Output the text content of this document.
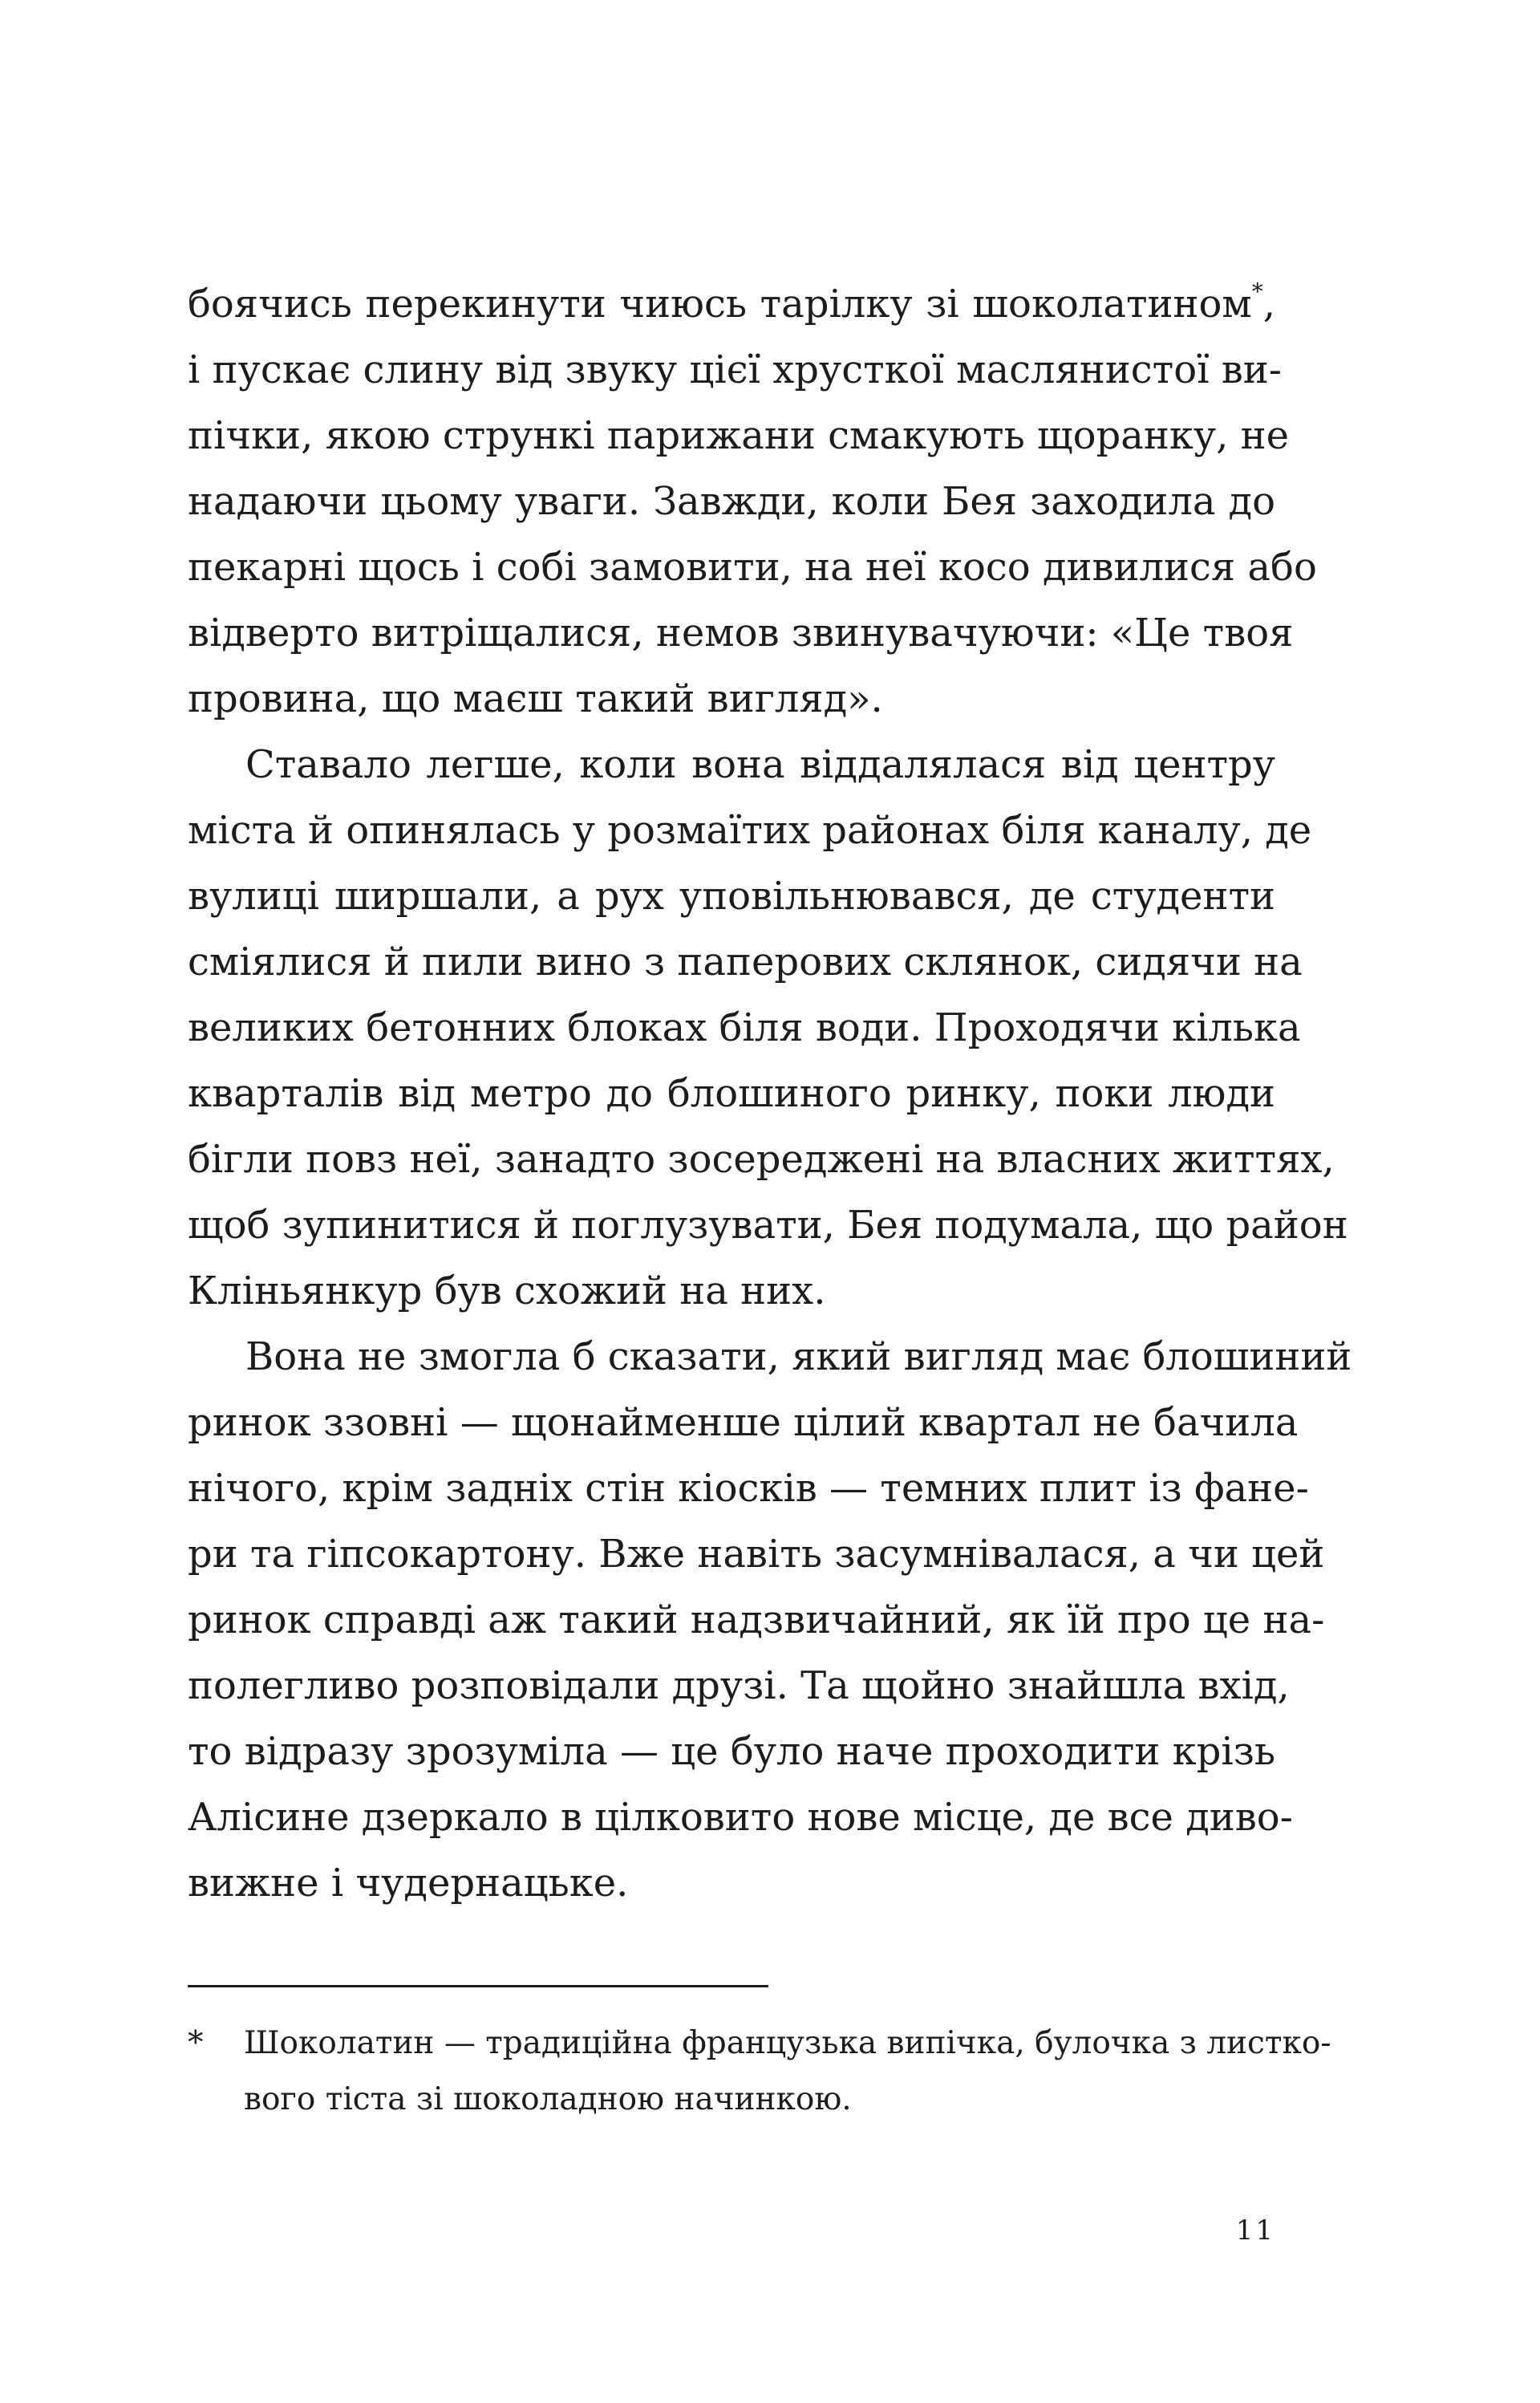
боячись перекинути чиюсь тарілку зі шоколатином*,
і пускає слину від звуку цієї хрусткої маслянистої ви-
пічки, якою стрункі парижани смакують щоранку, не
надаючи цьому уваги. Завжди, коли Бея заходила до
пекарні щось і собі замовити, на неї косо дивилися або
відверто витріщалися, немов звинувачуючи: «Це твоя
провина, що маєш такий вигляд».
Ставало легше, коли вона віддалялася від центру
міста й опинялась у розмаїтих районах біля каналу, де
вулиці ширшали, а рух уповільнювався, де студенти
сміялися й пили вино з паперових склянок, сидячи на
великих бетонних блоках біля води. Проходячи кілька
кварталів від метро до блошиного ринку, поки люди
бігли повз неї, занадто зосереджені на власних життях,
щоб зупинитися й поглузувати, Бея подумала, що район
Кліньянкур був схожий на них.
Вона не змогла б сказати, який вигляд має блошиний
ринок ззовні — щонайменше цілий квартал не бачила
нічого, крім задніх стін кіосків — темних плит із фане-
ри та гіпсокартону. Вже навіть засумнівалася, а чи цей
ринок справді аж такий надзвичайний, як їй про це на-
полегливо розповідали друзі. Та щойно знайшла вхід,
то відразу зрозуміла — це було наче проходити крізь
Алісине дзеркало в цілковито нове місце, де все диво-
вижне і чудернацьке.
* Шоколатин — традиційна французька випічка, булочка з листко-
вого тіста зі шоколадною начинкою.
11
